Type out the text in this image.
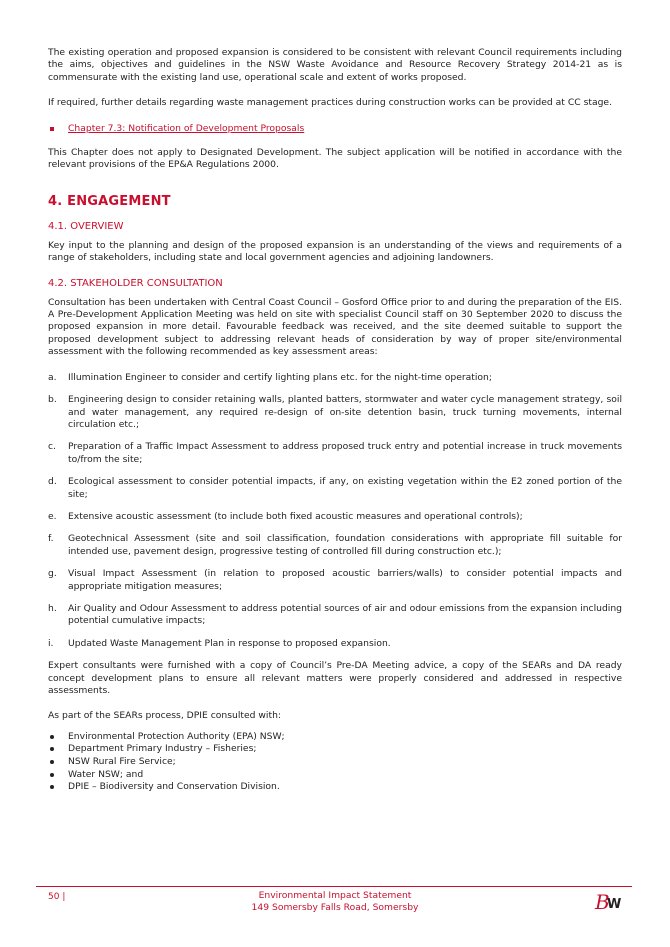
The existing operation and proposed expansion is considered to be consistent with relevant Council requirements including the aims, objectives and guidelines in the NSW Waste Avoidance and Resource Recovery Strategy 2014-21 as is commensurate with the existing land use, operational scale and extent of works proposed.

If required, further details regarding waste management practices during construction works can be provided at CC stage.

Chapter 7.3: Notification of Development Proposals

This Chapter does not apply to Designated Development. The subject application will be notified in accordance with the relevant provisions of the EP&A Regulations 2000.

4. ENGAGEMENT
4.1. OVERVIEW

Key input to the planning and design of the proposed expansion is an understanding of the views and requirements of a range of stakeholders, including state and local government agencies and adjoining landowners.

4.2. STAKEHOLDER CONSULTATION

Consultation has been undertaken with Central Coast Council – Gosford Office prior to and during the preparation of the EIS. A Pre-Development Application Meeting was held on site with specialist Council staff on 30 September 2020 to discuss the proposed expansion in more detail. Favourable feedback was received, and the site deemed suitable to support the proposed development subject to addressing relevant heads of consideration by way of proper site/environmental assessment with the following recommended as key assessment areas:

a.	Illumination Engineer to consider and certify lighting plans etc. for the night-time operation;
b.	Engineering design to consider retaining walls, planted batters, stormwater and water cycle management strategy, soil and water management, any required re-design of on-site detention basin, truck turning movements, internal circulation etc.;
c.	Preparation of a Traffic Impact Assessment to address proposed truck entry and potential increase in truck movements to/from the site;
d.	Ecological assessment to consider potential impacts, if any, on existing vegetation within the E2 zoned portion of the site;
e.	Extensive acoustic assessment (to include both fixed acoustic measures and operational controls);
f.	Geotechnical Assessment (site and soil classification, foundation considerations with appropriate fill suitable for intended use, pavement design, progressive testing of controlled fill during construction etc.);
g.	Visual Impact Assessment (in relation to proposed acoustic barriers/walls) to consider potential impacts and appropriate mitigation measures;
h.	Air Quality and Odour Assessment to address potential sources of air and odour emissions from the expansion including potential cumulative impacts;
i.	Updated Waste Management Plan in response to proposed expansion.

Expert consultants were furnished with a copy of Council’s Pre-DA Meeting advice, a copy of the SEARs and DA ready concept development plans to ensure all relevant matters were properly considered and addressed in respective assessments.

As part of the SEARs process, DPIE consulted with:

Environmental Protection Authority (EPA) NSW;
Department Primary Industry – Fisheries;
NSW Rural Fire Service;
Water NSW; and
DPIE – Biodiversity and Conservation Division.
50 |	Environmental Impact Statement
149 Somersby Falls Road, Somersby	B
W
